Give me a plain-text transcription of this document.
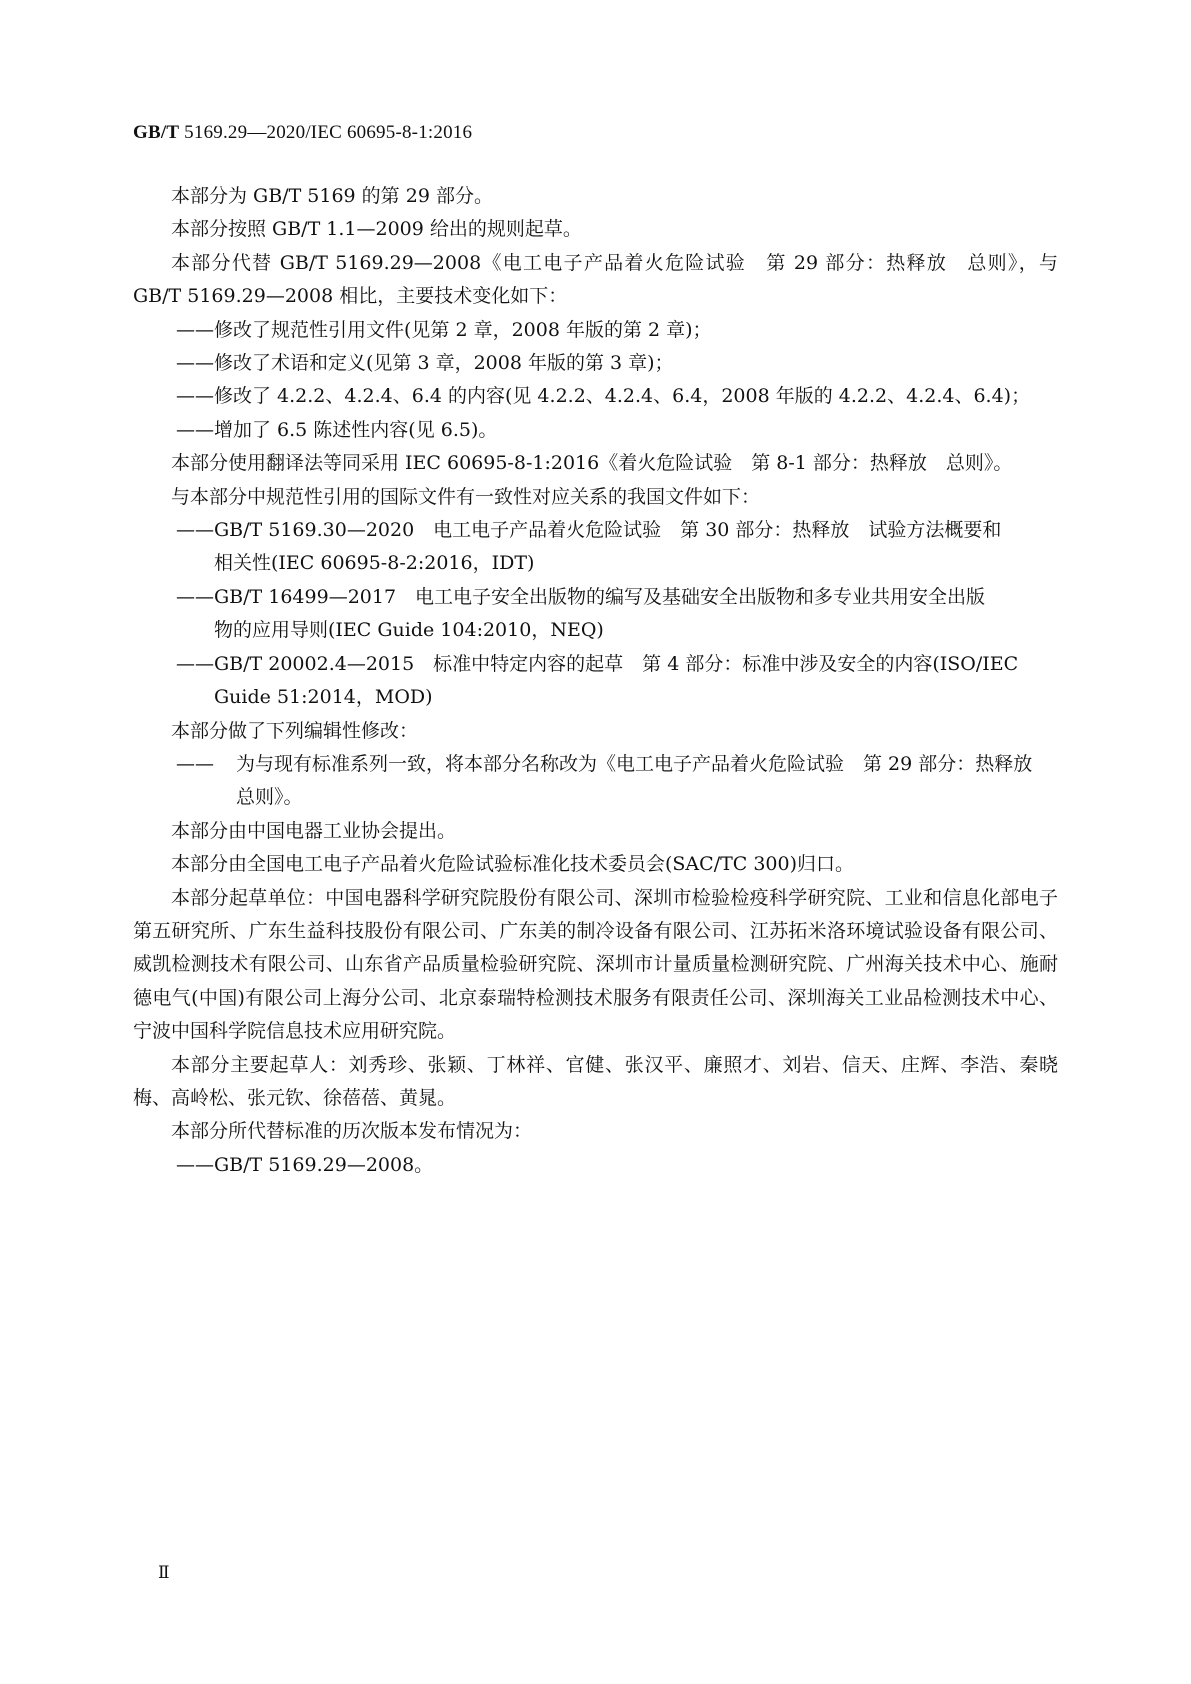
GB/T 5169.29—2020/IEC 60695-8-1:2016

本部分为 GB/T 5169 的第 29 部分。

本部分按照 GB/T 1.1—2009 给出的规则起草。

本部分代替 GB/T 5169.29—2008《电工电子产品着火危险试验　第 29 部分：热释放　总则》，与 GB/T 5169.29—2008 相比，主要技术变化如下：

—— 修改了规范性引用文件(见第 2 章，2008 年版的第 2 章)；
—— 修改了术语和定义(见第 3 章，2008 年版的第 3 章)；
—— 修改了 4.2.2、4.2.4、6.4 的内容(见 4.2.2、4.2.4、6.4，2008 年版的 4.2.2、4.2.4、6.4)；
—— 增加了 6.5 陈述性内容(见 6.5)。

本部分使用翻译法等同采用 IEC 60695-8-1:2016《着火危险试验　第 8-1 部分：热释放　总则》。

与本部分中规范性引用的国际文件有一致性对应关系的我国文件如下：

—— GB/T 5169.30—2020　电工电子产品着火危险试验　第 30 部分：热释放　试验方法概要和
相关性(IEC 60695-8-2:2016，IDT)
—— GB/T 16499—2017　电工电子安全出版物的编写及基础安全出版物和多专业共用安全出版
物的应用导则(IEC Guide 104:2010，NEQ)
—— GB/T 20002.4—2015　标准中特定内容的起草　第 4 部分：标准中涉及安全的内容(ISO/IEC
Guide 51:2014，MOD)

本部分做了下列编辑性修改：

——	为与现有标准系列一致，将本部分名称改为《电工电子产品着火危险试验　第 29 部分：热释放
总则》。

本部分由中国电器工业协会提出。

本部分由全国电工电子产品着火危险试验标准化技术委员会(SAC/TC 300)归口。

本部分起草单位：中国电器科学研究院股份有限公司、深圳市检验检疫科学研究院、工业和信息化部电子第五研究所、广东生益科技股份有限公司、广东美的制冷设备有限公司、江苏拓米洛环境试验设备有限公司、威凯检测技术有限公司、山东省产品质量检验研究院、深圳市计量质量检测研究院、广州海关技术中心、施耐德电气(中国)有限公司上海分公司、北京泰瑞特检测技术服务有限责任公司、深圳海关工业品检测技术中心、宁波中国科学院信息技术应用研究院。

本部分主要起草人：刘秀珍、张颖、丁林祥、官健、张汉平、廉照才、刘岩、信天、庄辉、李浩、秦晓梅、高岭松、张元钦、徐蓓蓓、黄晁。

本部分所代替标准的历次版本发布情况为：

—— GB/T 5169.29—2008。
Ⅱ
